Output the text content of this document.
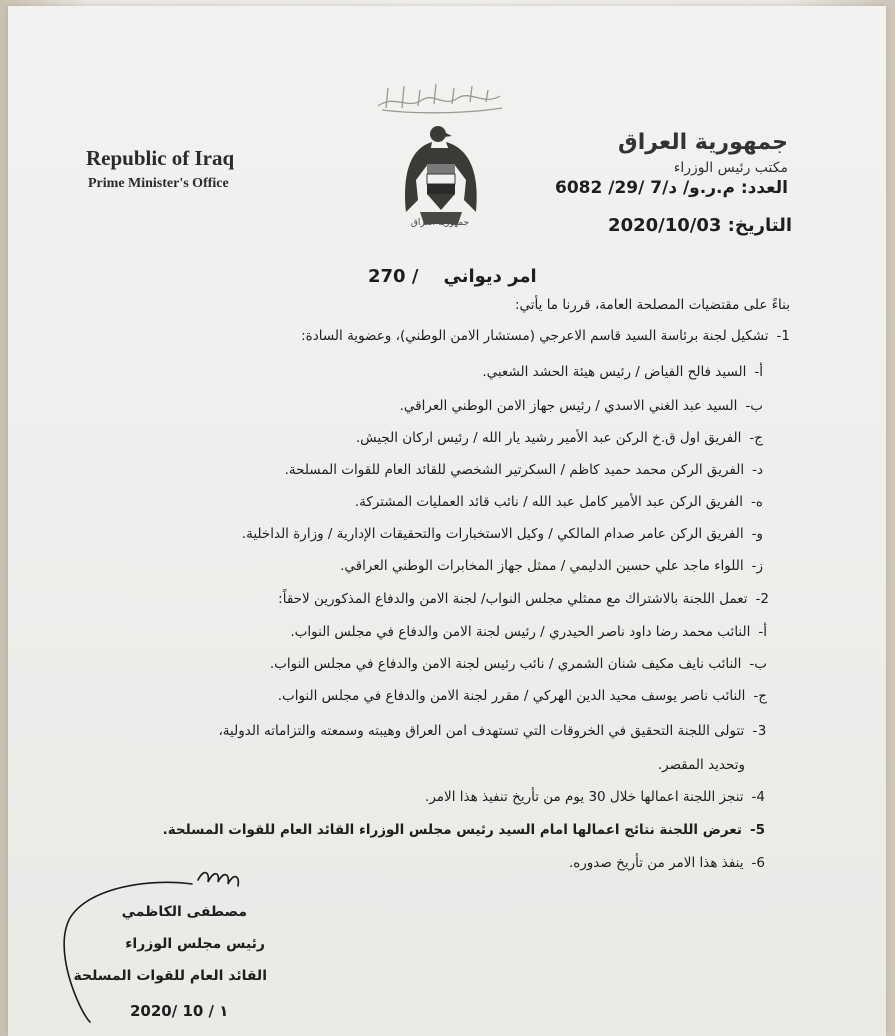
جمهورية العراق
Republic of Iraq
Prime Minister's Office
جمهورية العراق
مكتب رئيس الوزراء
العدد: م.ر.و/ د/7 /29/ 6082
التاريخ: 2020/10/03
270 / امر ديواني
بناءً على مقتضيات المصلحة العامة، قررنا ما يأتي:
1-تشكيل لجنة برئاسة السيد قاسم الاعرجي (مستشار الامن الوطني)، وعضوية السادة:
أ-السيد فالح الفياض / رئيس هيئة الحشد الشعبي.
ب-السيد عبد الغني الاسدي / رئيس جهاز الامن الوطني العراقي.
ج-الفريق اول ق.خ الركن عبد الأمير رشيد يار الله / رئيس اركان الجيش.
د-الفريق الركن محمد حميد كاظم / السكرتير الشخصي للقائد العام للقوات المسلحة.
ه-الفريق الركن عبد الأمير كامل عبد الله / نائب قائد العمليات المشتركة.
و-الفريق الركن عامر صدام المالكي / وكيل الاستخبارات والتحقيقات الإدارية / وزارة الداخلية.
ز-اللواء ماجد علي حسين الدليمي / ممثل جهاز المخابرات الوطني العراقي.
2-تعمل اللجنة بالاشتراك مع ممثلي مجلس النواب/ لجنة الامن والدفاع المذكورين لاحقاً:
أ-النائب محمد رضا داود ناصر الحيدري / رئيس لجنة الامن والدفاع في مجلس النواب.
ب-النائب نايف مكيف شنان الشمري / نائب رئيس لجنة الامن والدفاع في مجلس النواب.
ج-النائب ناصر يوسف محيد الدين الهركي / مقرر لجنة الامن والدفاع في مجلس النواب.
3-تتولى اللجنة التحقيق في الخروقات التي تستهدف امن العراق وهيبته وسمعته والتزاماته الدولية،
وتحديد المقصر.
4-تنجز اللجنة اعمالها خلال 30 يوم من تأريخ تنفيذ هذا الامر.
5-تعرض اللجنة نتائج اعمالها امام السيد رئيس مجلس الوزراء القائد العام للقوات المسلحة.
6-ينفذ هذا الامر من تأريخ صدوره.
مصطفى الكاظمي
رئيس مجلس الوزراء
القائد العام للقوات المسلحة
2020/ 10 / ١
